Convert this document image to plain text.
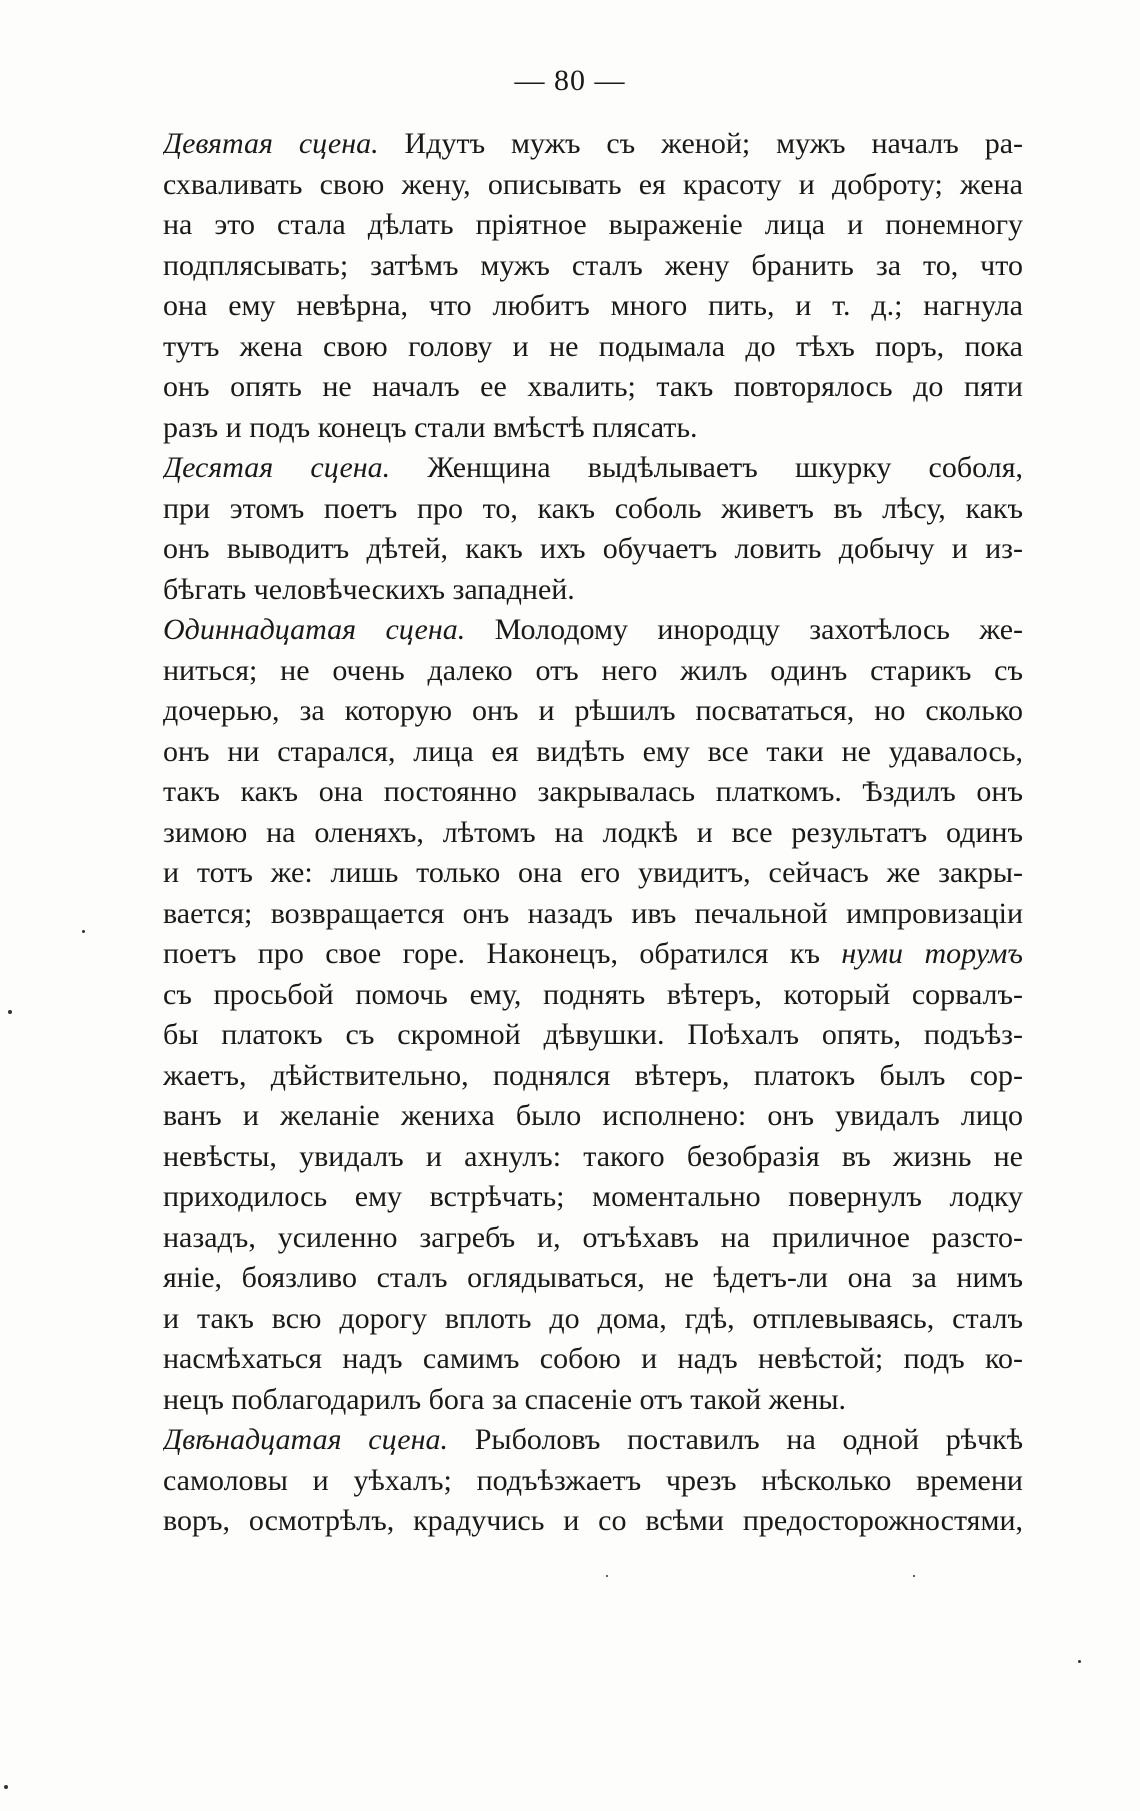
— 80 —
Девятая сцена. Идутъ мужъ съ женой; мужъ началъ ра-
схваливать свою жену, описывать ея красоту и доброту; жена
на это стала дѣлать пріятное выраженіе лица и понемногу
подплясывать; затѣмъ мужъ сталъ жену бранить за то, что
она ему невѣрна, что любитъ много пить, и т. д.; нагнула
тутъ жена свою голову и не подымала до тѣхъ поръ, пока
онъ опять не началъ ее хвалить; такъ повторялось до пяти
разъ и подъ конецъ стали вмѣстѣ плясать.
Десятая сцена. Женщина выдѣлываетъ шкурку соболя,
при этомъ поетъ про то, какъ соболь живетъ въ лѣсу, какъ
онъ выводитъ дѣтей, какъ ихъ обучаетъ ловить добычу и из-
бѣгать человѣческихъ западней.
Одиннадцатая сцена. Молодому инородцу захотѣлось же-
ниться; не очень далеко отъ него жилъ одинъ старикъ съ
дочерью, за которую онъ и рѣшилъ посвататься, но сколько
онъ ни старался, лица ея видѣть ему все таки не удавалось,
такъ какъ она постоянно закрывалась платкомъ. Ѣздилъ онъ
зимою на оленяхъ, лѣтомъ на лодкѣ и все результатъ одинъ
и тотъ же: лишь только она его увидитъ, сейчасъ же закры-
вается; возвращается онъ назадъ ивъ печальной импровизаціи
поетъ про свое горе. Наконецъ, обратился къ нуми торумъ
съ просьбой помочь ему, поднять вѣтеръ, который сорвалъ-
бы платокъ съ скромной дѣвушки. Поѣхалъ опять, подъѣз-
жаетъ, дѣйствительно, поднялся вѣтеръ, платокъ былъ сор-
ванъ и желаніе жениха было исполнено: онъ увидалъ лицо
невѣсты, увидалъ и ахнулъ: такого безобразія въ жизнь не
приходилось ему встрѣчать; моментально повернулъ лодку
назадъ, усиленно загребъ и, отъѣхавъ на приличное разсто-
яніе, боязливо сталъ оглядываться, не ѣдетъ-ли она за нимъ
и такъ всю дорогу вплоть до дома, гдѣ, отплевываясь, сталъ
насмѣхаться надъ самимъ собою и надъ невѣстой; подъ ко-
нецъ поблагодарилъ бога за спасеніе отъ такой жены.
Двѣнадцатая сцена. Рыболовъ поставилъ на одной рѣчкѣ
самоловы и уѣхалъ; подъѣзжаетъ чрезъ нѣсколько времени
воръ, осмотрѣлъ, крадучись и со всѣми предосторожностями,
